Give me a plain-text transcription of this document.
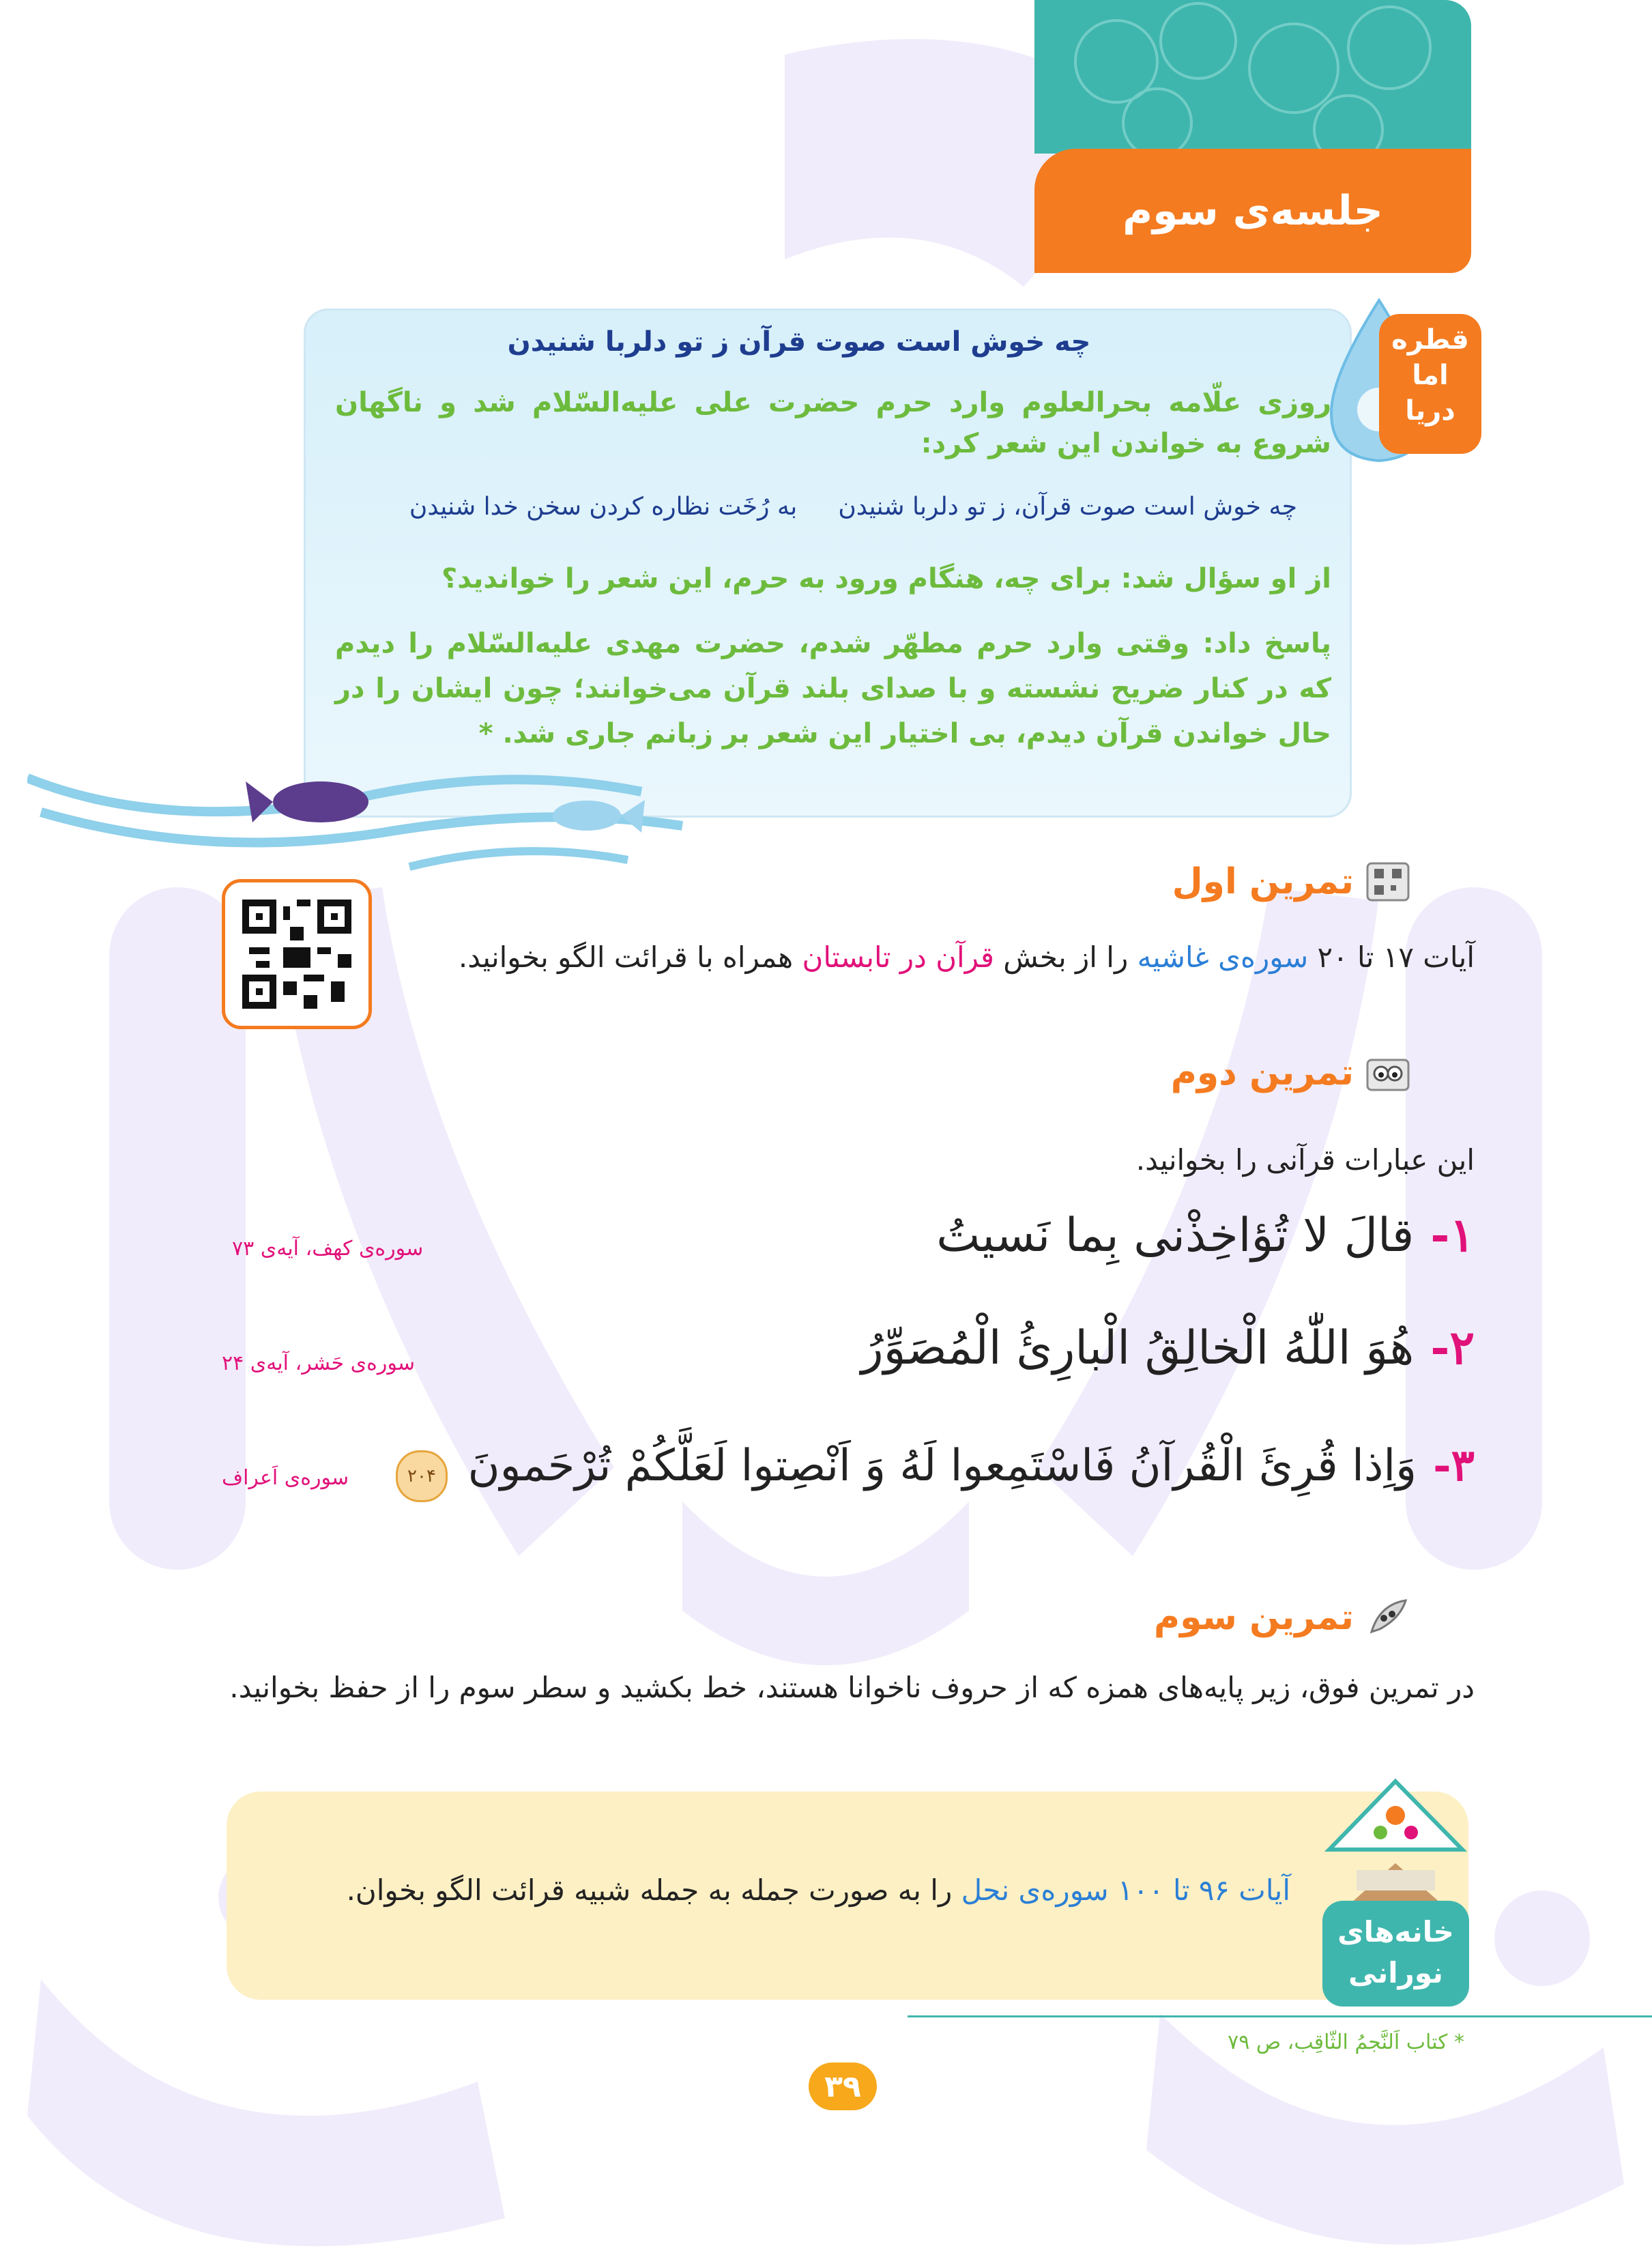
جلسه‌ی سوم
قطره
اما
دریا
چه خوش است صوت قرآن ز تو دلربا شنیدن
روزی علّامه بحرالعلوم وارد حرم حضرت علی علیه‌السّلام شد و ناگهان شروع به خواندن این شعر کرد:
چه خوش است صوت قرآن، ز تو دلربا شنیدن
به رُخَت نظاره کردن سخن خدا شنیدن
از او سؤال شد: برای چه، هنگام ورود به حرم، این شعر را خواندید؟
پاسخ داد: وقتی وارد حرم مطهّر شدم، حضرت مهدی علیه‌السّلام را دیدم که در کنار ضریح نشسته و با صدای بلند قرآن می‌خوانند؛ چون ایشان را در حال خواندن قرآن دیدم، بی اختیار این شعر بر زبانم جاری شد. *
تمرین اول
آیات ۱۷ تا ۲۰ سوره‌ی غاشیه را از بخش قرآن در تابستان همراه با قرائت الگو بخوانید.
تمرین دوم
این عبارات قرآنی را بخوانید.
۱-قالَ لا تُؤاخِذْنی بِما نَسیتُ
سوره‌ی کهف، آیه‌ی ۷۳
۲-هُوَ اللّٰهُ الْخالِقُ الْبارِئُ الْمُصَوِّرُ
سوره‌ی حَشر، آیه‌ی ۲۴
۳-وَاِذا قُرِئَ الْقُرآنُ فَاسْتَمِعوا لَهُ وَ اَنْصِتوا لَعَلَّكُمْ تُرْحَمونَ
۲۰۴
سوره‌ی اَعراف
تمرین سوم
در تمرین فوق، زیر پایه‌های همزه که از حروف ناخوانا هستند، خط بکشید و سطر سوم را از حفظ بخوانید.
خانه‌های
نورانی
آیات ۹۶ تا ۱۰۰ سوره‌ی نحل را به صورت جمله به جمله شبیه قرائت الگو بخوان.
* کتاب اَلنَّجمُ الثّاقِب، ص ۷۹
۳۹
